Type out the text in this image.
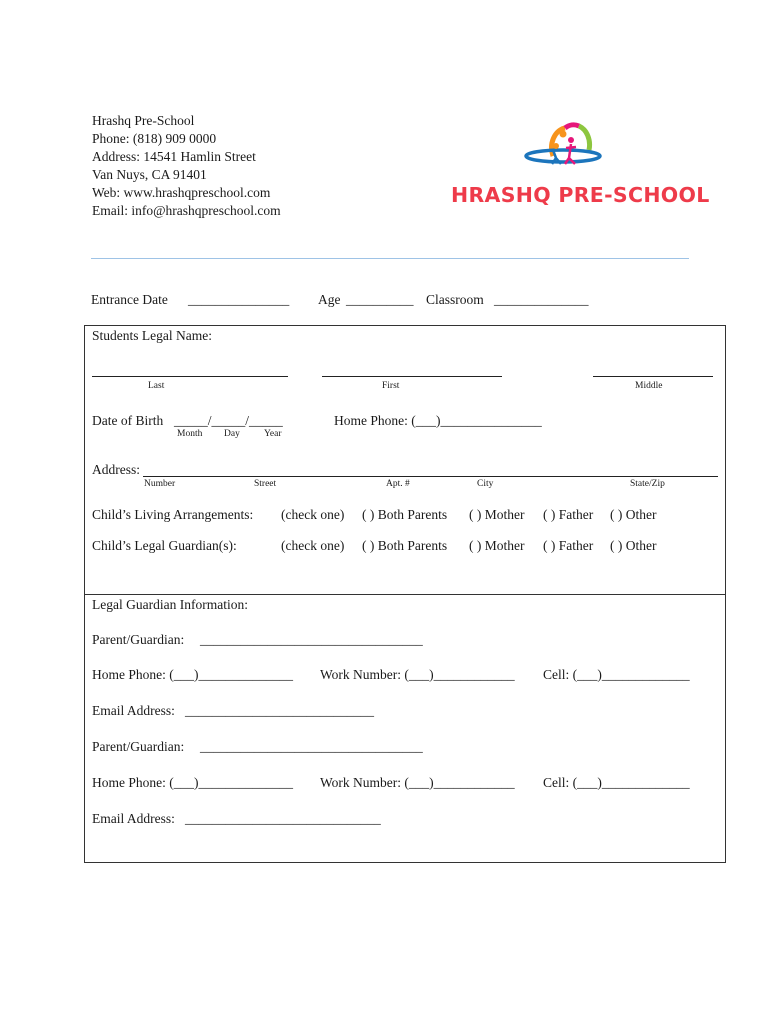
Hrashq Pre-School
Phone: (818) 909 0000
Address: 14541 Hamlin Street
Van Nuys, CA 91401
Web: www.hrashqpreschool.com
Email: info@hrashqpreschool.com
HRASHQ PRE-SCHOOL
Entrance Date _______________ Age __________ Classroom ______________
Students Legal Name:
Last	First	Middle
Date of Birth _____/_____/_____
Month Day	Year
Home Phone: (___)_______________
Address:
Number	Street	Apt. #	City	State/Zip
Child’s Living Arrangements: (check one) ( ) Both Parents ( ) Mother ( ) Father ( ) Other
Child’s Legal Guardian(s):	(check one) ( ) Both Parents ( ) Mother ( ) Father ( ) Other
Legal Guardian Information:
Parent/Guardian: _________________________________
Home Phone: (___)______________ Work Number: (___)____________ Cell: (___)_____________
Email Address: ____________________________
Parent/Guardian: _________________________________
Home Phone: (___)______________ Work Number: (___)____________ Cell: (___)_____________
Email Address: _____________________________
